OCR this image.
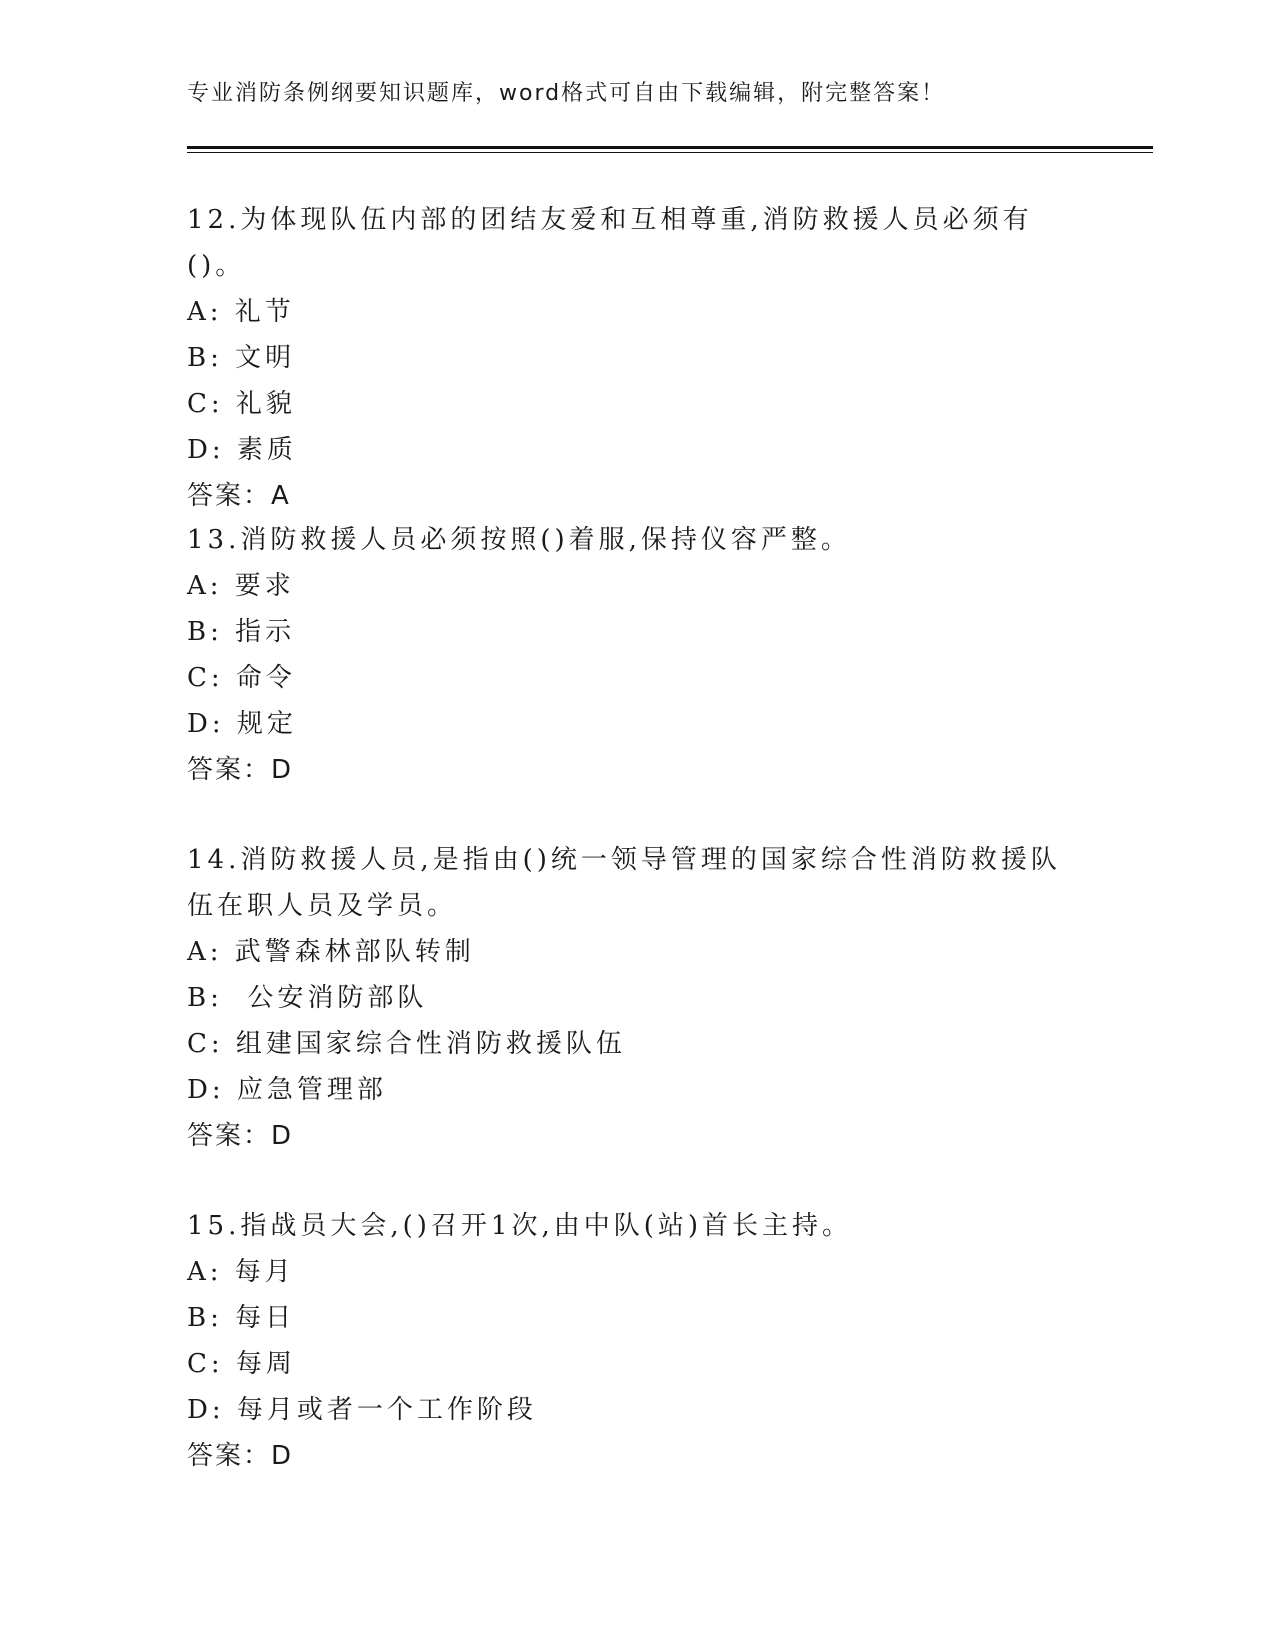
专业消防条例纲要知识题库，word格式可自由下载编辑，附完整答案！
12.为体现队伍内部的团结友爱和互相尊重,消防救援人员必须有()。
A: 礼节
B: 文明
C: 礼貌
D: 素质
答案：A
13.消防救援人员必须按照()着服,保持仪容严整。
A: 要求
B: 指示
C: 命令
D: 规定
答案：D
14.消防救援人员,是指由()统一领导管理的国家综合性消防救援队伍在职人员及学员。
A: 武警森林部队转制
B:  公安消防部队
C: 组建国家综合性消防救援队伍
D: 应急管理部
答案：D
15.指战员大会,()召开1次,由中队(站)首长主持。
A: 每月
B: 每日
C: 每周
D: 每月或者一个工作阶段
答案：D
